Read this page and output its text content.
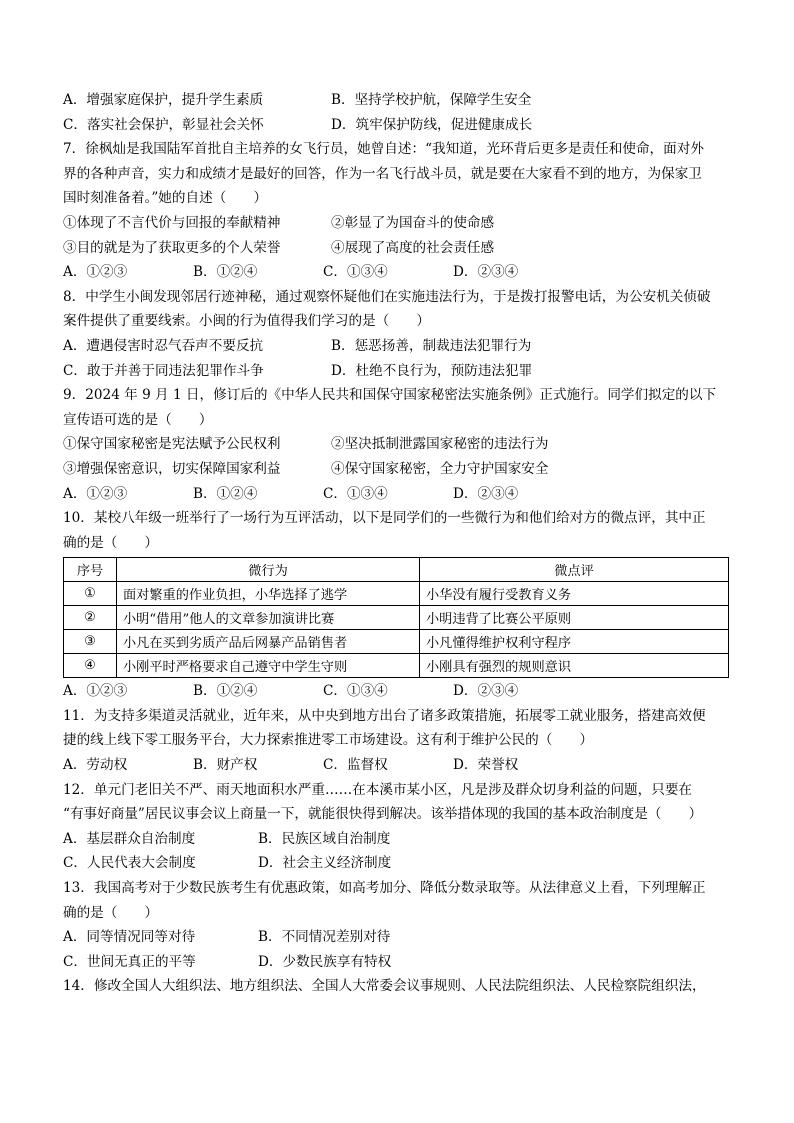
A．增强家庭保护，提升学生素质	B．坚持学校护航，保障学生安全
C．落实社会保护，彰显社会关怀	D．筑牢保护防线，促进健康成长
7．徐枫灿是我国陆军首批自主培养的女飞行员，她曾自述：“我知道，光环背后更多是责任和使命，面对外
界的各种声音，实力和成绩才是最好的回答，作为一名飞行战斗员，就是要在大家看不到的地方，为保家卫
国时刻准备着。”她的自述（　　）
①体现了不言代价与回报的奉献精神	②彰显了为国奋斗的使命感
③目的就是为了获取更多的个人荣誉	④展现了高度的社会责任感
A．①②③	B．①②④	C．①③④	D．②③④
8．中学生小闽发现邻居行迹神秘，通过观察怀疑他们在实施违法行为，于是拨打报警电话，为公安机关侦破
案件提供了重要线索。小闽的行为值得我们学习的是（　　）
A．遭遇侵害时忍气吞声不要反抗	B．惩恶扬善，制裁违法犯罪行为
C．敢于并善于同违法犯罪作斗争	D．杜绝不良行为，预防违法犯罪
9．2024 年 9 月 1 日，修订后的《中华人民共和国保守国家秘密法实施条例》正式施行。同学们拟定的以下
宣传语可选的是（　　）
①保守国家秘密是宪法赋予公民权利	②坚决抵制泄露国家秘密的违法行为
③增强保密意识，切实保障国家利益	④保守国家秘密，全力守护国家安全
A．①②③	B．①②④	C．①③④	D．②③④
10．某校八年级一班举行了一场行为互评活动，以下是同学们的一些微行为和他们给对方的微点评，其中正
确的是（　　）
序号	微行为	微点评
①	面对繁重的作业负担，小华选择了逃学	小华没有履行受教育义务
②	小明“借用”他人的文章参加演讲比赛	小明违背了比赛公平原则
③	小凡在买到劣质产品后网暴产品销售者	小凡懂得维护权利守程序
④	小刚平时严格要求自己遵守中学生守则	小刚具有强烈的规则意识
A．①②③	B．①②④	C．①③④	D．②③④
11．为支持多渠道灵活就业，近年来，从中央到地方出台了诸多政策措施，拓展零工就业服务，搭建高效便
捷的线上线下零工服务平台，大力探索推进零工市场建设。这有利于维护公民的（　　）
A．劳动权	B．财产权	C．监督权	D．荣誉权
12．单元门老旧关不严、雨天地面积水严重……在本溪市某小区，凡是涉及群众切身利益的问题，只要在
“有事好商量”居民议事会议上商量一下，就能很快得到解决。该举措体现的我国的基本政治制度是（　　）
A．基层群众自治制度	B．民族区域自治制度
C．人民代表大会制度	D．社会主义经济制度
13．我国高考对于少数民族考生有优惠政策，如高考加分、降低分数录取等。从法律意义上看，下列理解正
确的是（　　）
A．同等情况同等对待	B．不同情况差别对待
C．世间无真正的平等	D．少数民族享有特权
14．修改全国人大组织法、地方组织法、全国人大常委会议事规则、人民法院组织法、人民检察院组织法，
